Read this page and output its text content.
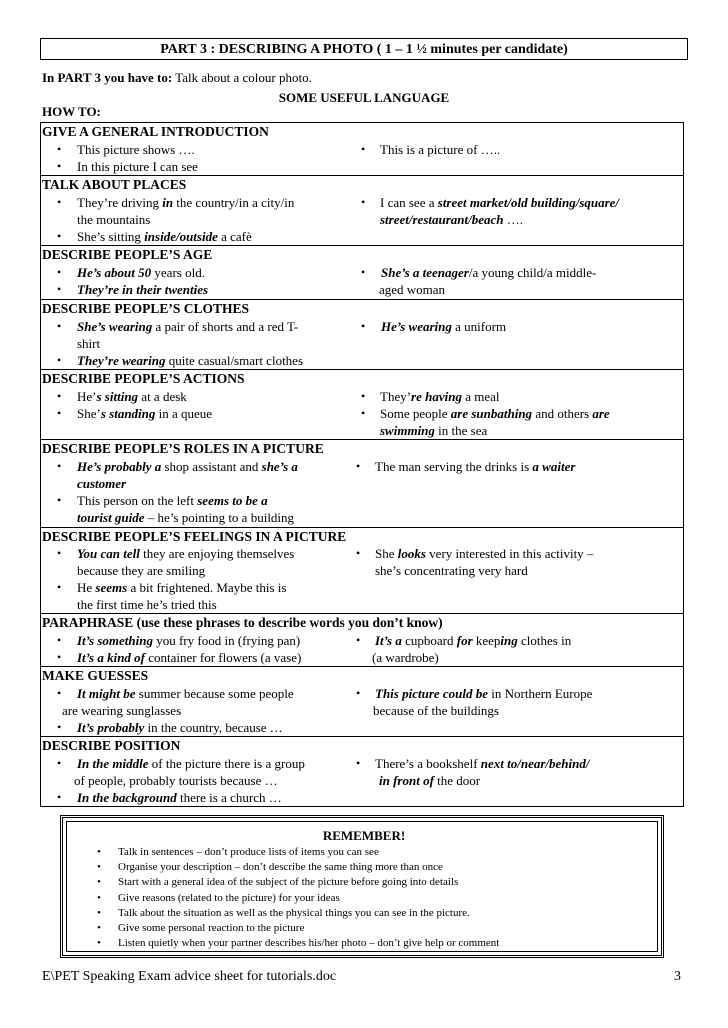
PART 3 : DESCRIBING A PHOTO ( 1 – 1 ½ minutes per candidate)
In PART 3 you have to: Talk about a colour photo.
SOME USEFUL LANGUAGE
HOW TO:
GIVE A GENERAL INTRODUCTION
TALK ABOUT PLACES
DESCRIBE PEOPLE’S AGE
DESCRIBE PEOPLE’S CLOTHES
DESCRIBE PEOPLE’S ACTIONS
DESCRIBE PEOPLE’S ROLES IN A PICTURE
DESCRIBE PEOPLE’S FEELINGS IN A PICTURE
PARAPHRASE (use these phrases to describe words you don’t know)
MAKE GUESSES
DESCRIBE POSITION
•
•
•
•
•
•
•
•
•
•
•
•
•
•
•
•
•
•
•
•
•
•
•
•
•
•
•
•
•
•
•
This picture shows ….
In this picture I can see
This is a picture of …..
They’re driving in the country/in a city/in
the mountains
She’s sitting inside/outside a cafè
I can see a street market/old building/square/
street/restaurant/beach ….
He’s about 50 years old.
They’re in their twenties
She’s a teenager/a young child/a middle-
aged woman
She’s wearing a pair of shorts and a red T-
shirt
They’re wearing quite casual/smart clothes
He’s wearing a uniform
He’s sitting at a desk
She’s standing in a queue
They’re having a meal
Some people are sunbathing and others are
swimming in the sea
He’s probably a shop assistant and she’s a
customer
This person on the left seems to be a
tourist guide – he’s pointing to a building
The man serving the drinks is a waiter
You can tell they are enjoying themselves
because they are smiling
He seems a bit frightened. Maybe this is
the first time he’s tried this
She looks very interested in this activity –
she’s concentrating very hard
It’s something you fry food in (frying pan)
It’s a kind of container for flowers (a vase)
It’s a cupboard for keeping clothes in
(a wardrobe)
It might be summer because some people
are wearing sunglasses
It’s probably in the country, because …
This picture could be in Northern Europe
because of the buildings
In the middle of the picture there is a group
of people, probably tourists because …
In the background there is a church …
There’s a bookshelf next to/near/behind/
in front of the door
REMEMBER!
• Talk in sentences – don’t produce lists of items you can see
• Organise your description – don’t describe the same thing more than once
• Start with a general idea of the subject of the picture before going into details
• Give reasons (related to the picture) for your ideas
• Talk about the situation as well as the physical things you can see in the picture.
• Give some personal reaction to the picture
• Listen quietly when your partner describes his/her photo – don’t give help or comment
E\PET Speaking Exam advice sheet for tutorials.doc	3
